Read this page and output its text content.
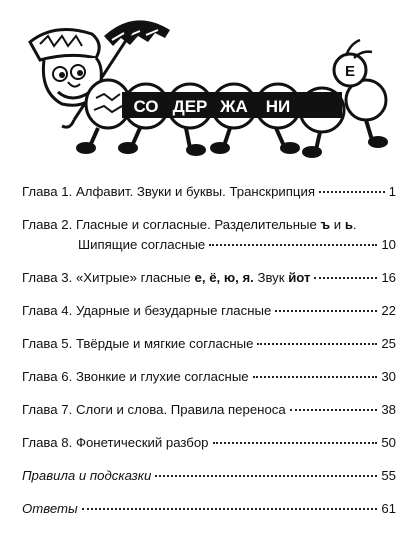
СО ДЕР ЖА НИ
Е
Глава 1. Алфавит. Звуки и буквы. Транскрипция	1
Глава 2. Гласные и согласные. Разделительные ъ и ь.
Шипящие согласные	10
Глава 3. «Хитрые» гласные е, ё, ю, я. Звук йот	16
Глава 4. Ударные и безударные гласные	22
Глава 5. Твёрдые и мягкие согласные	25
Глава 6. Звонкие и глухие согласные	30
Глава 7. Слоги и слова. Правила переноса	38
Глава 8. Фонетический разбор	50
Правила и подсказки	55
Ответы	61
